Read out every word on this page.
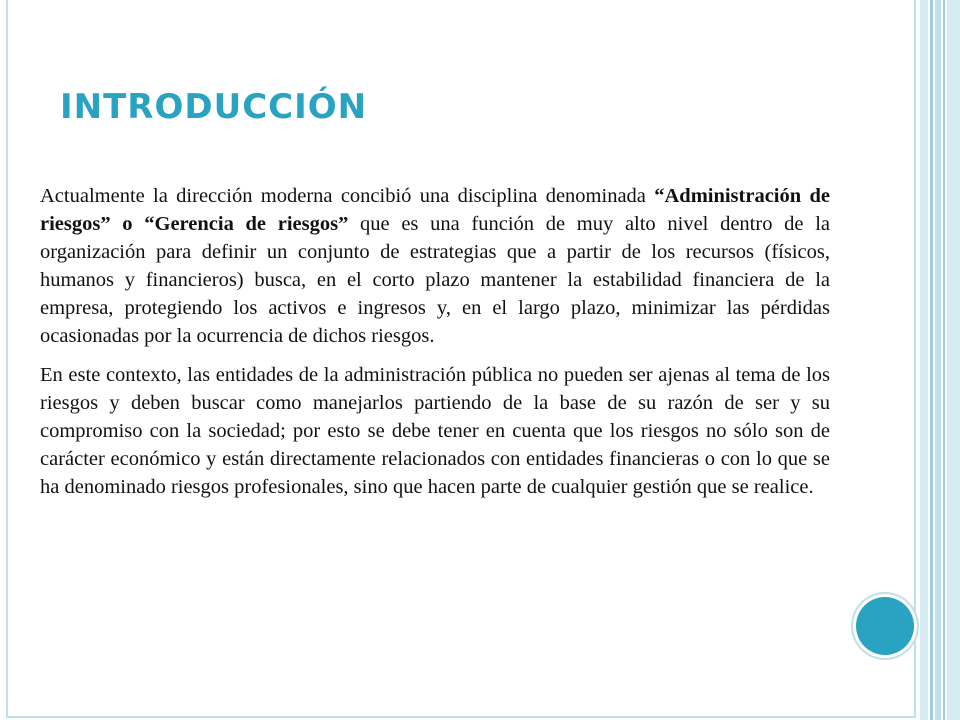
introducción

Actualmente la dirección moderna concibió una disciplina denominada “Administración de riesgos” o “Gerencia de riesgos” que es una función de muy alto nivel dentro de la organización para definir un conjunto de estrategias que a partir de los recursos (físicos, humanos y financieros) busca, en el corto plazo mantener la estabilidad financiera de la empresa, protegiendo los activos e ingresos y, en el largo plazo, minimizar las pérdidas ocasionadas por la ocurrencia de dichos riesgos.

En este contexto, las entidades de la administración pública no pueden ser ajenas al tema de los riesgos y deben buscar como manejarlos partiendo de la base de su razón de ser y su compromiso con la sociedad; por esto se debe tener en cuenta que los riesgos no sólo son de carácter económico y están directamente relacionados con entidades financieras o con lo que se ha denominado riesgos profesionales, sino que hacen parte de cualquier gestión que se realice.
